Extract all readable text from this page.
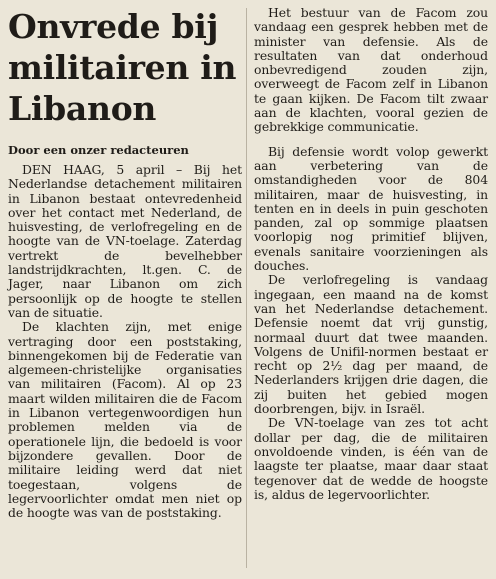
Onvrede bij militairen in Libanon
Door een onzer redacteuren

DEN HAAG, 5 april – Bij het Nederlandse detachement militairen in Libanon bestaat ontevredenheid over het contact met Nederland, de huisvesting, de verlofregeling en de hoogte van de VN-toelage. Zaterdag vertrekt de bevelhebber landstrijdkrachten, lt.gen. C. de Jager, naar Libanon om zich persoonlijk op de hoogte te stellen van de situatie.

De klachten zijn, met enige vertraging door een poststaking, binnengekomen bij de Federatie van algemeen-christelijke organisaties van militairen (Facom). Al op 23 maart wilden militairen die de Facom in Libanon vertegenwoordigen hun problemen melden via de operationele lijn, die bedoeld is voor bijzondere gevallen. Door de militaire leiding werd dat niet toegestaan, volgens de legervoorlichter omdat men niet op de hoogte was van de poststaking.

Het bestuur van de Facom zou vandaag een gesprek hebben met de minister van defensie. Als de resultaten van dat onderhoud onbevredigend zouden zijn, overweegt de Facom zelf in Libanon te gaan kijken. De Facom tilt zwaar aan de klachten, vooral gezien de gebrekkige communicatie.

Bij defensie wordt volop gewerkt aan verbetering van de omstandigheden voor de 804 militairen, maar de huisvesting, in tenten en in deels in puin geschoten panden, zal op sommige plaatsen voorlopig nog primitief blijven, evenals sanitaire voorzieningen als douches.

De verlofregeling is vandaag ingegaan, een maand na de komst van het Nederlandse detachement. Defensie noemt dat vrij gunstig, normaal duurt dat twee maanden. Volgens de Unifil-normen bestaat er recht op 2½ dag per maand, de Nederlanders krijgen drie dagen, die zij buiten het gebied mogen doorbrengen, bijv. in Israël.

De VN-toelage van zes tot acht dollar per dag, die de militairen onvoldoende vinden, is één van de laagste ter plaatse, maar daar staat tegenover dat de wedde de hoogste is, aldus de legervoorlichter.
